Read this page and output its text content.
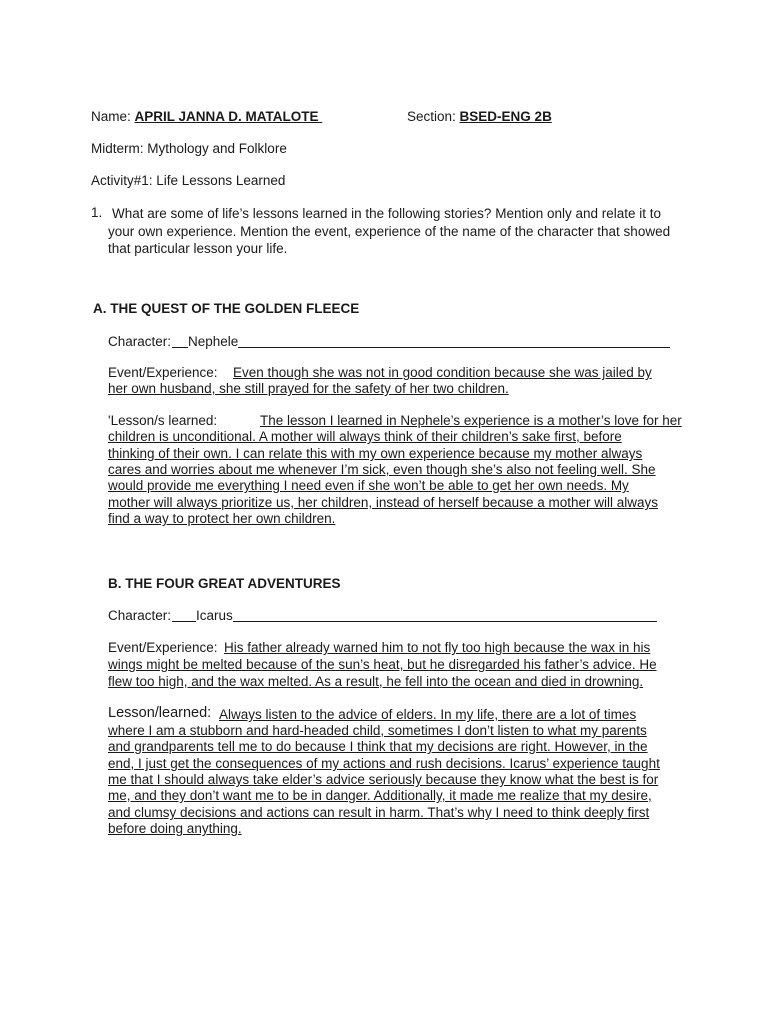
Name: APRIL JANNA D. MATALOTE	Section: BSED-ENG 2B
Midterm: Mythology and Folklore
Activity#1: Life Lessons Learned
1. What are some of life’s lessons learned in the following stories? Mention only and relate it to your own experience. Mention the event, experience of the name of the character that showed that particular lesson your life.
A. THE QUEST OF THE GOLDEN FLEECE
Character: Nephele
Event/Experience: Even though she was not in good condition because she was jailed by
her own husband, she still prayed for the safety of her two children.
'Lesson/s learned:	The lesson I learned in Nephele’s experience is a mother’s love for her
children is unconditional. A mother will always think of their children’s sake first, before
thinking of their own. I can relate this with my own experience because my mother always
cares and worries about me whenever I’m sick, even though she’s also not feeling well. She
would provide me everything I need even if she won’t be able to get her own needs. My
mother will always prioritize us, her children, instead of herself because a mother will always
find a way to protect her own children.
B. THE FOUR GREAT ADVENTURES
Character: Icarus
Event/Experience: His father already warned him to not fly too high because the wax in his
wings might be melted because of the sun’s heat, but he disregarded his father’s advice. He
flew too high, and the wax melted. As a result, he fell into the ocean and died in drowning.
Lesson/learned: Always listen to the advice of elders. In my life, there are a lot of times
where I am a stubborn and hard-headed child, sometimes I don’t listen to what my parents
and grandparents tell me to do because I think that my decisions are right. However, in the
end, I just get the consequences of my actions and rush decisions. Icarus’ experience taught
me that I should always take elder’s advice seriously because they know what the best is for
me, and they don’t want me to be in danger. Additionally, it made me realize that my desire,
and clumsy decisions and actions can result in harm. That’s why I need to think deeply first
before doing anything.
